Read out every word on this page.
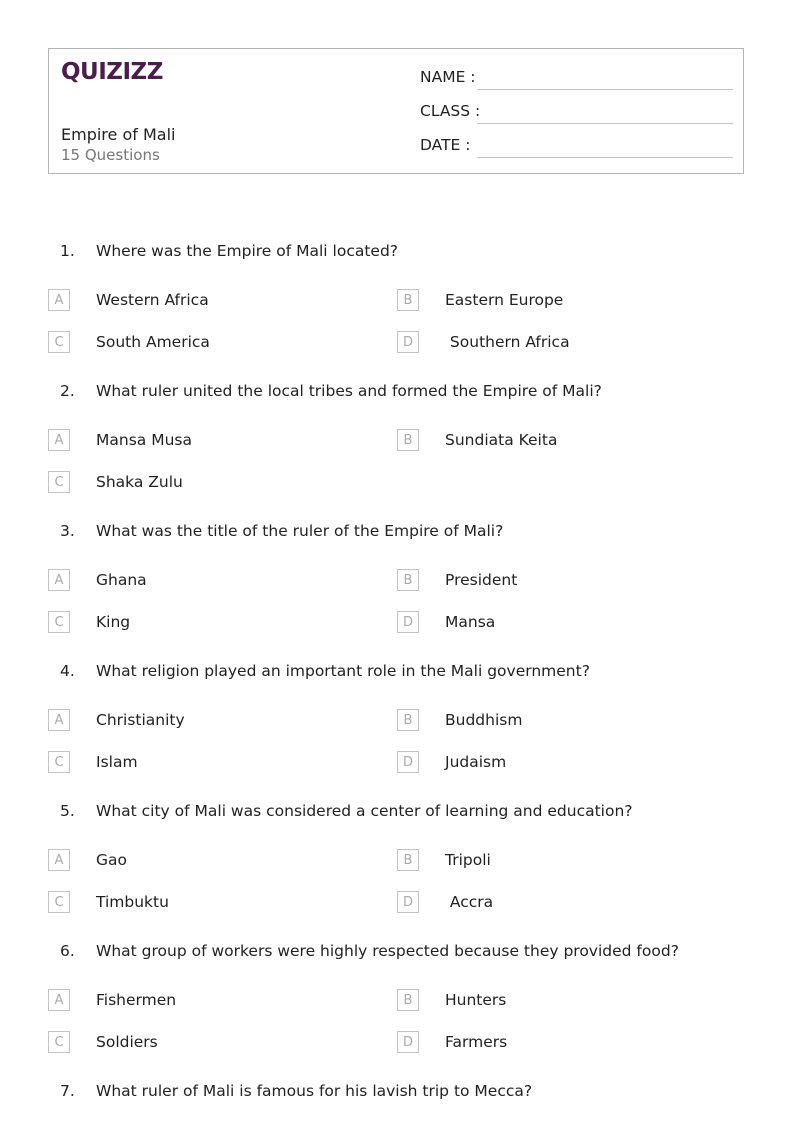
QUIZIZZ
Empire of Mali
15 Questions
NAME :
CLASS :
DATE :
1. Where was the Empire of Mali located?
A	Western Africa	B	Eastern Europe
C	South America	D	Southern Africa
2. What ruler united the local tribes and formed the Empire of Mali?
A	Mansa Musa	B	Sundiata Keita
C	Shaka Zulu
3. What was the title of the ruler of the Empire of Mali?
A	Ghana	B	President
C	King	D	Mansa
4. What religion played an important role in the Mali government?
A	Christianity	B	Buddhism
C	Islam	D	Judaism
5. What city of Mali was considered a center of learning and education?
A	Gao	B	Tripoli
C	Timbuktu	D	Accra
6. What group of workers were highly respected because they provided food?
A	Fishermen	B	Hunters
C	Soldiers	D	Farmers
7. What ruler of Mali is famous for his lavish trip to Mecca?
